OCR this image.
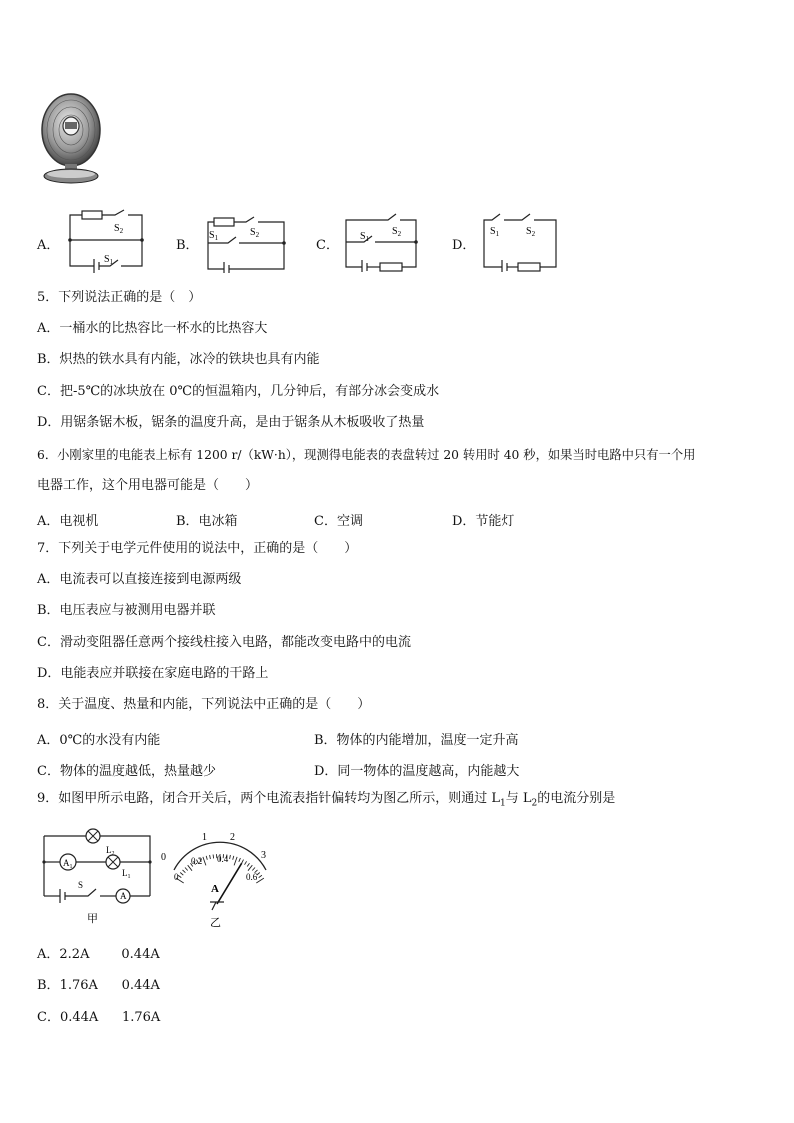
A．
$S_2$
$S_1$
B．
$S_1$	$S_2$
C．
$S_1$
$S_2$
D．
$S_1$	$S_2$
5．下列说法正确的是（　）
A．一桶水的比热容比一杯水的比热容大
B．炽热的铁水具有内能，冰冷的铁块也具有内能
C．把-5℃的冰块放在 0℃的恒温箱内，几分钟后，有部分冰会变成水
D．用锯条锯木板，锯条的温度升高，是由于锯条从木板吸收了热量
6．小刚家里的电能表上标有 1200 r/（kW·h），现测得电能表的表盘转过 20 转用时 40 秒，如果当时电路中只有一个用
电器工作，这个用电器可能是（　　）
A．电视机	B．电冰箱	C．空调	D．节能灯
7．下列关于电学元件使用的说法中，正确的是（　　）
A．电流表可以直接连接到电源两级
B．电压表应与被测用电器并联
C．滑动变阻器任意两个接线柱接入电路，都能改变电路中的电流
D．电能表应并联接在家庭电路的干路上
8．关于温度、热量和内能，下列说法中正确的是（　　）
A．0℃的水没有内能	B．物体的内能增加，温度一定升高
C．物体的温度越低，热量越少	D．同一物体的温度越高，内能越大
9．如图甲所示电路，闭合开关后，两个电流表指针偏转均为图乙所示，则通过 $L_1$与 $L_2$的电流分别是
$L_2$
$L_1$
$A_1$
A
S
甲
0
1 2
3
0
0.2 0.4
0.6
A
乙
A．2.2A 0.44A
B．1.76A 0.44A
C．0.44A 1.76A
